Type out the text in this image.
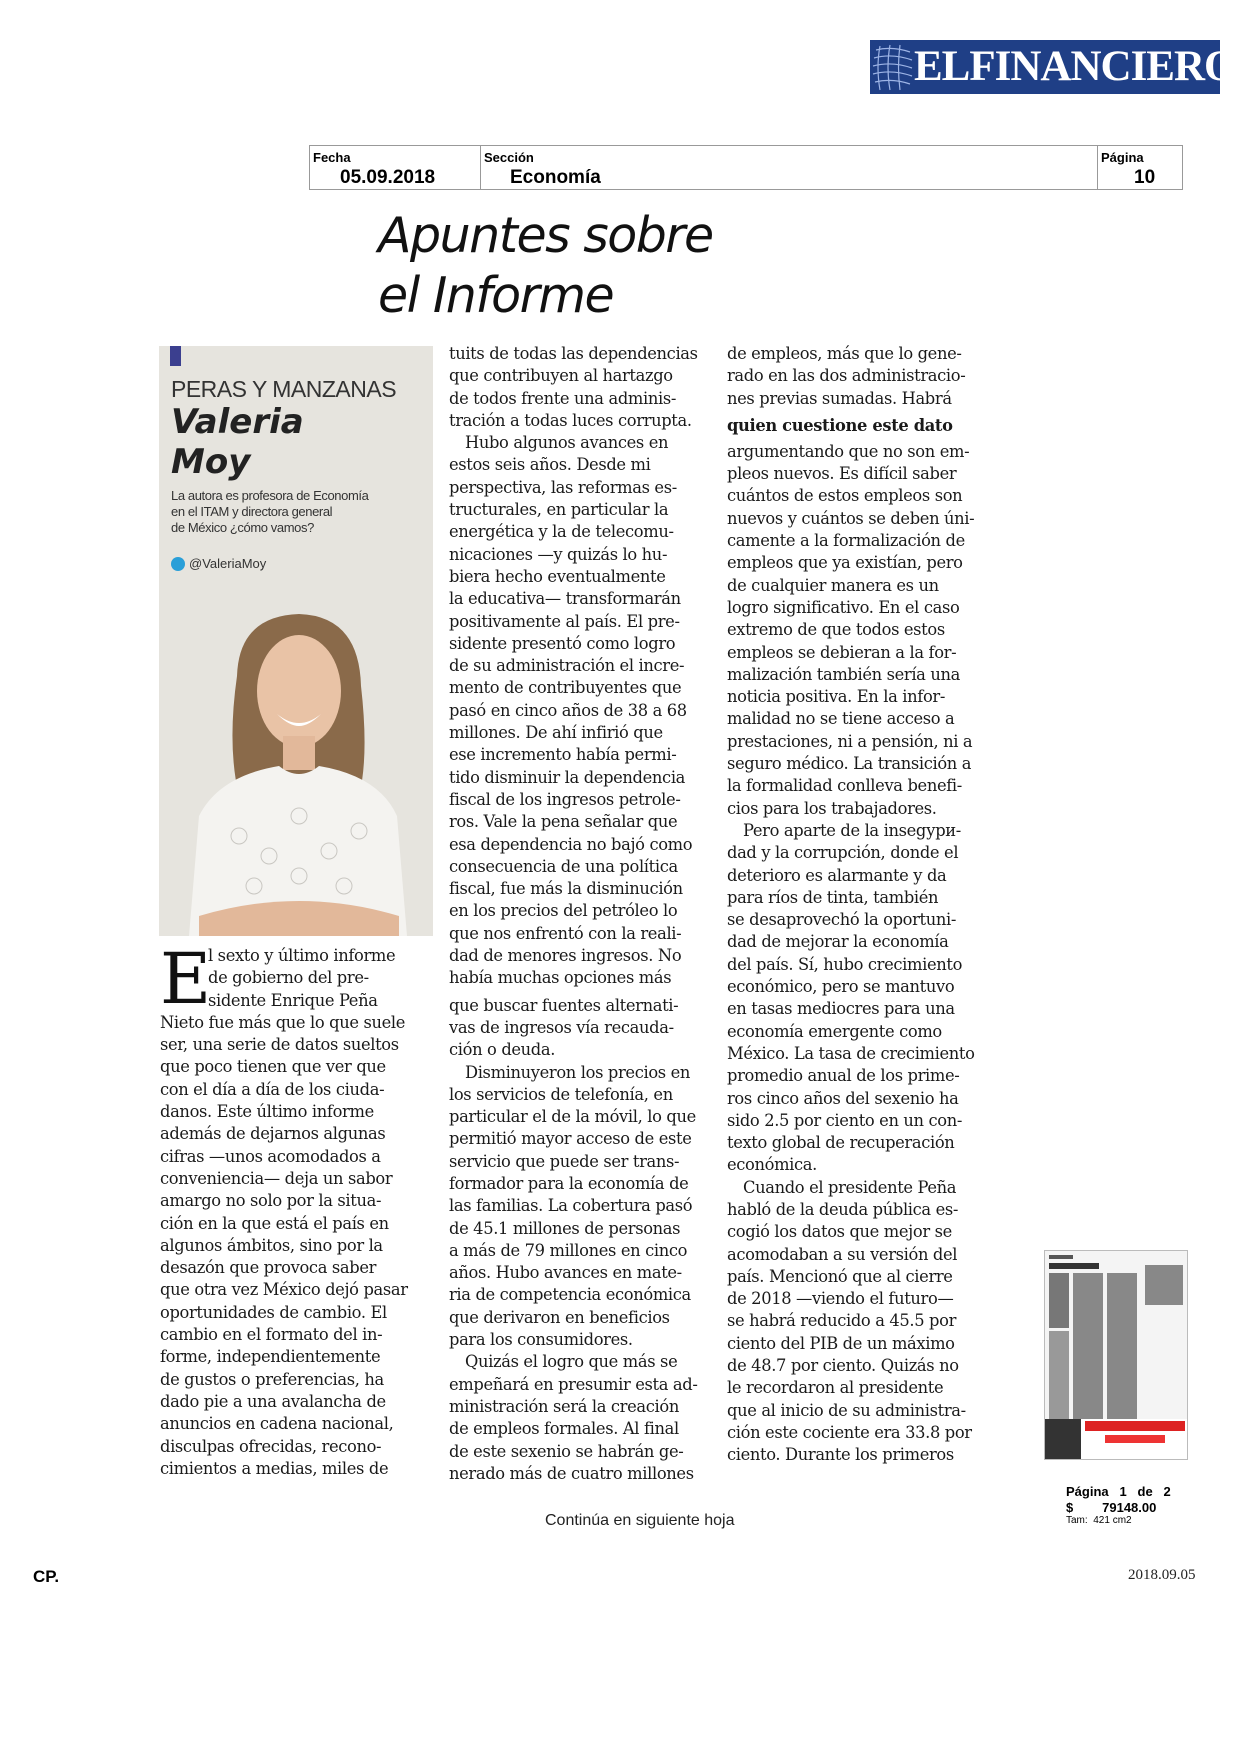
ELFINANCIERO
Fecha
05.09.2018
Sección
Economía
Página
10
Apuntes sobre
el Informe
PERAS Y MANZANAS
Valeria
Moy
La autora es profesora de Economía
en el ITAM y directora general
de México ¿cómo vamos?
@ValeriaMoy
E
l sexto y último informe
de gobierno del pre-
sidente Enrique Peña
Nieto fue más que lo que suele
ser, una serie de datos sueltos
que poco tienen que ver que
con el día a día de los ciuda-
danos. Este último informe
además de dejarnos algunas
cifras —unos acomodados a
conveniencia— deja un sabor
amargo no solo por la situa-
ción en la que está el país en
algunos ámbitos, sino por la
desazón que provoca saber
que otra vez México dejó pasar
oportunidades de cambio. El
cambio en el formato del in-
forme, independientemente
de gustos o preferencias, ha
dado pie a una avalancha de
anuncios en cadena nacional,
disculpas ofrecidas, recono-
cimientos a medias, miles de
tuits de todas las dependencias
que contribuyen al hartazgo
de todos frente una adminis-
tración a todas luces corrupta.
Hubo algunos avances en
estos seis años. Desde mi
perspectiva, las reformas es-
tructurales, en particular la
energética y la de telecomu-
nicaciones —y quizás lo hu-
biera hecho eventualmente
la educativa— transformarán
positivamente al país. El pre-
sidente presentó como logro
de su administración el incre-
mento de contribuyentes que
pasó en cinco años de 38 a 68
millones. De ahí infirió que
ese incremento había permi-
tido disminuir la dependencia
fiscal de los ingresos petrole-
ros. Vale la pena señalar que
esa dependencia no bajó como
consecuencia de una política
fiscal, fue más la disminución
en los precios del petróleo lo
que nos enfrentó con la reali-
dad de menores ingresos. No
había muchas opciones más
que buscar fuentes alternati-
vas de ingresos vía recauda-
ción o deuda.
Disminuyeron los precios en
los servicios de telefonía, en
particular el de la móvil, lo que
permitió mayor acceso de este
servicio que puede ser trans-
formador para la economía de
las familias. La cobertura pasó
de 45.1 millones de personas
a más de 79 millones en cinco
años. Hubo avances en mate-
ria de competencia económica
que derivaron en beneficios
para los consumidores.
Quizás el logro que más se
empeñará en presumir esta ad-
ministración será la creación
de empleos formales. Al final
de este sexenio se habrán ge-
nerado más de cuatro millones
de empleos, más que lo gene-
rado en las dos administracio-
nes previas sumadas. Habrá
quien cuestione este dato
argumentando que no son em-
pleos nuevos. Es difícil saber
cuántos de estos empleos son
nuevos y cuántos se deben úni-
camente a la formalización de
empleos que ya existían, pero
de cualquier manera es un
logro significativo. En el caso
extremo de que todos estos
empleos se debieran a la for-
malización también sería una
noticia positiva. En la infor-
malidad no se tiene acceso a
prestaciones, ni a pensión, ni a
seguro médico. La transición a
la formalidad conlleva benefi-
cios para los trabajadores.
Pero aparte de la insegури-
dad y la corrupción, donde el
deterioro es alarmante y da
para ríos de tinta, también
se desaprovechó la oportuni-
dad de mejorar la economía
del país. Sí, hubo crecimiento
económico, pero se mantuvo
en tasas mediocres para una
economía emergente como
México. La tasa de crecimiento
promedio anual de los prime-
ros cinco años del sexenio ha
sido 2.5 por ciento en un con-
texto global de recuperación
económica.
Cuando el presidente Peña
habló de la deuda pública es-
cogió los datos que mejor se
acomodaban a su versión del
país. Mencionó que al cierre
de 2018 —viendo el futuro—
se habrá reducido a 45.5 por
ciento del PIB de un máximo
de 48.7 por ciento. Quizás no
le recordaron al presidente
que al inicio de su administra-
ción este cociente era 33.8 por
ciento. Durante los primeros
Continúa en siguiente hoja
Página   1   de   2
$        79148.00
Tam:  421 cm2
CP.	2018.09.05
